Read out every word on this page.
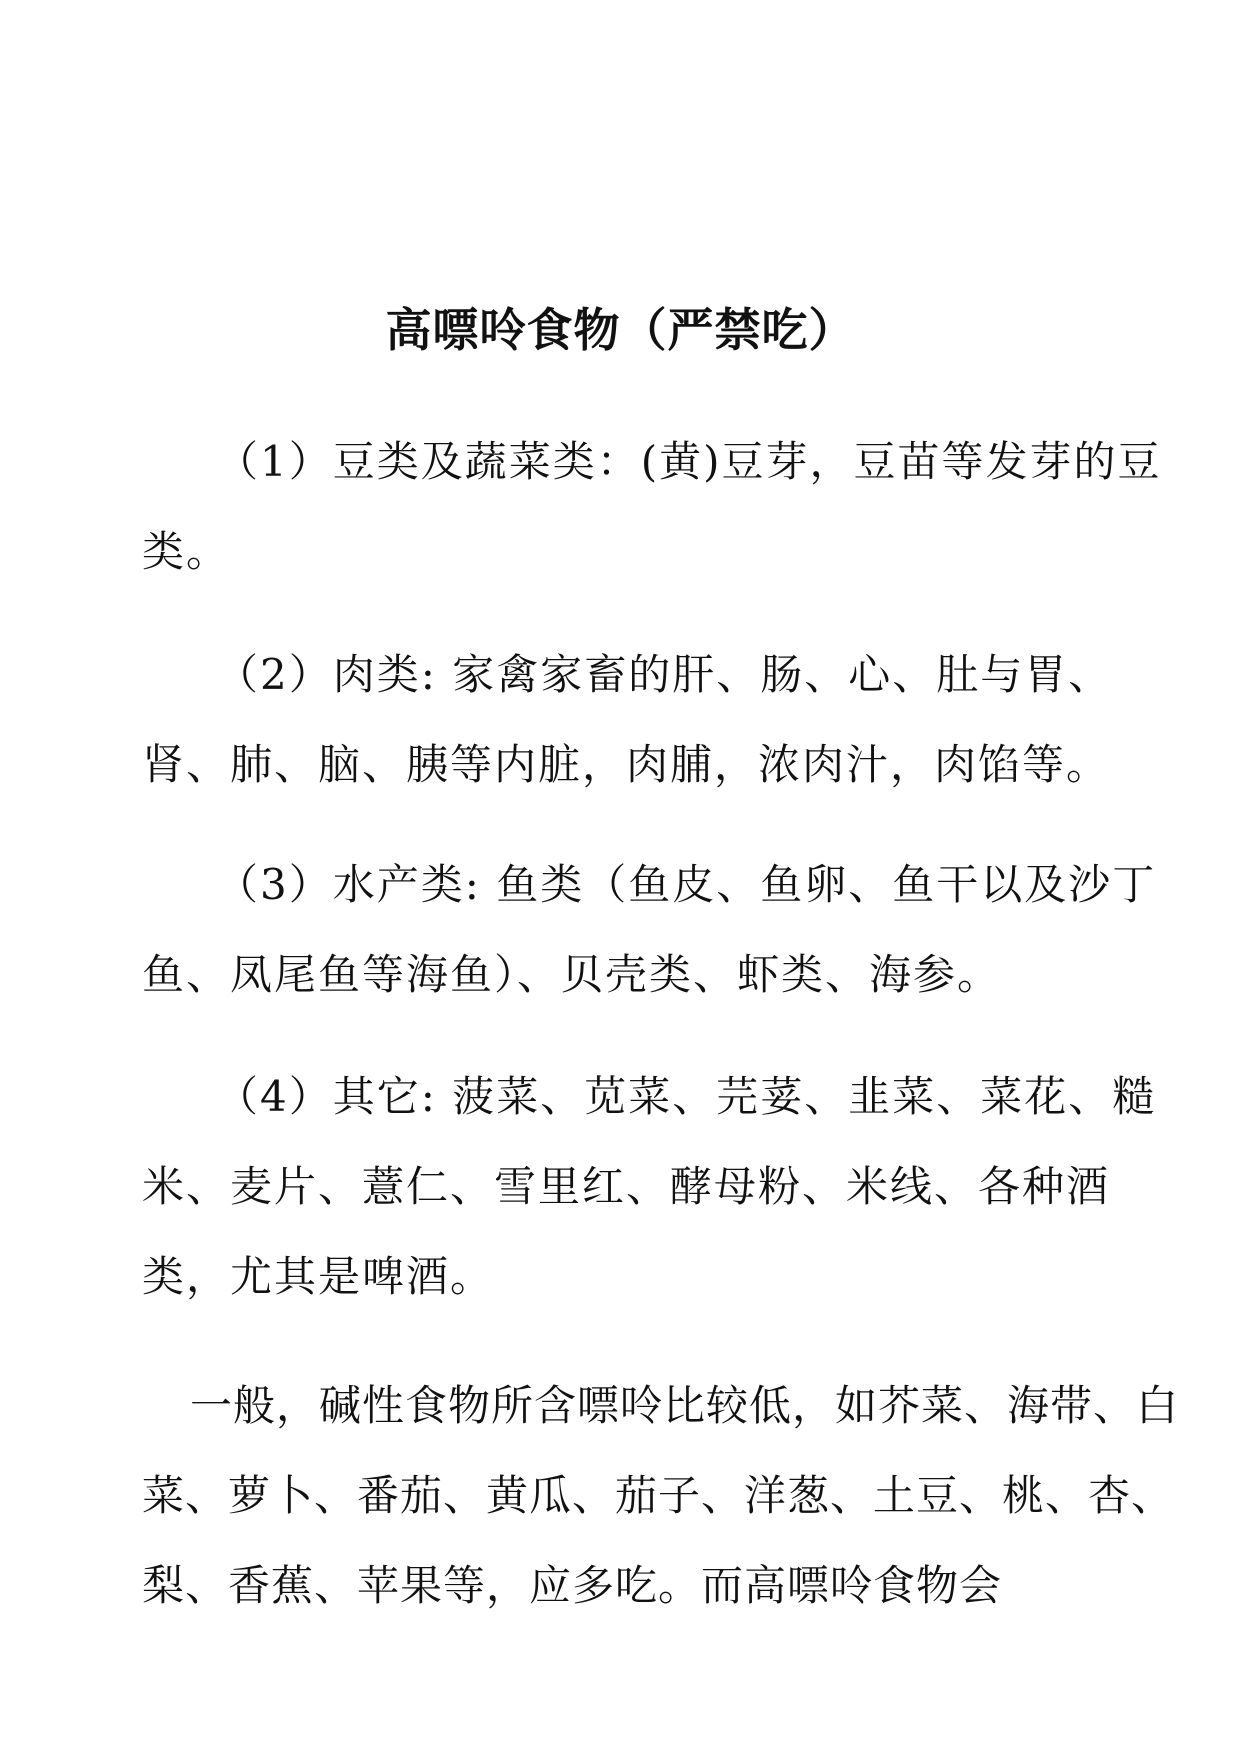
高嘌呤食物（严禁吃）

（1）豆类及蔬菜类：(黄)豆芽，豆苗等发芽的豆类。

（2）肉类: 家禽家畜的肝、肠、心、肚与胃、肾、肺、脑、胰等内脏，肉脯，浓肉汁，肉馅等。

（3）水产类: 鱼类（鱼皮、鱼卵、鱼干以及沙丁鱼、凤尾鱼等海鱼）、贝壳类、虾类、海参。

（4）其它: 菠菜、苋菜、芫荽、韭菜、菜花、糙米、麦片、薏仁、雪里红、酵母粉、米线、各种酒类，尤其是啤酒。

一般，碱性食物所含嘌呤比较低，如芥菜、海带、白菜、萝卜、番茄、黄瓜、茄子、洋葱、土豆、桃、杏、梨、香蕉、苹果等，应多吃。而高嘌呤食物会
